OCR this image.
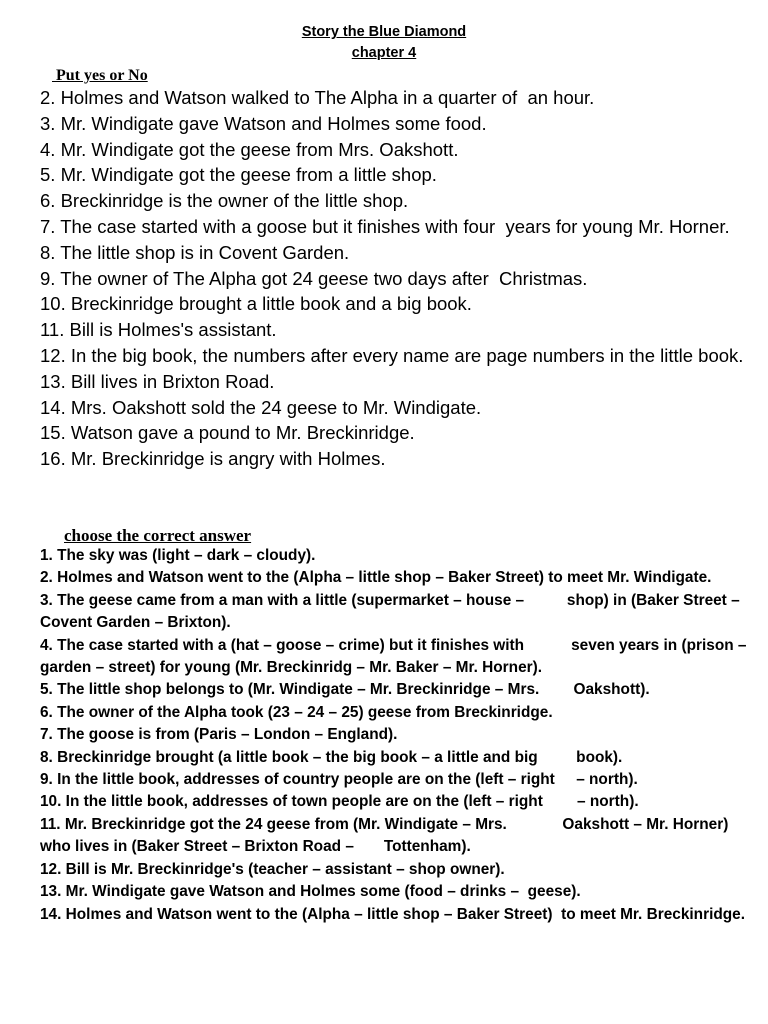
Story the Blue Diamond
chapter 4
Put yes or No
2. Holmes and Watson walked to The Alpha in a quarter of  an hour.
3. Mr. Windigate gave Watson and Holmes some food.
4. Mr. Windigate got the geese from Mrs. Oakshott.
5. Mr. Windigate got the geese from a little shop.
6. Breckinridge is the owner of the little shop.
7. The case started with a goose but it finishes with four  years for young Mr. Horner.
8. The little shop is in Covent Garden.
9. The owner of The Alpha got 24 geese two days after  Christmas.
10. Breckinridge brought a little book and a big book.
11. Bill is Holmes's assistant.
12. In the big book, the numbers after every name are page numbers in the little book.
13. Bill lives in Brixton Road.
14. Mrs. Oakshott sold the 24 geese to Mr. Windigate.
15. Watson gave a pound to Mr. Breckinridge.
16. Mr. Breckinridge is angry with Holmes.
choose the correct answer
1. The sky was (light – dark – cloudy).
2. Holmes and Watson went to the (Alpha – little shop – Baker Street) to meet Mr. Windigate.
3. The geese came from a man with a little (supermarket – house –          shop) in (Baker Street – Covent Garden – Brixton).
4. The case started with a (hat – goose – crime) but it finishes with           seven years in (prison – garden – street) for young (Mr. Breckinridg – Mr. Baker – Mr. Horner).
5. The little shop belongs to (Mr. Windigate – Mr. Breckinridge – Mrs.        Oakshott).
6. The owner of the Alpha took (23 – 24 – 25) geese from Breckinridge.
7. The goose is from (Paris – London – England).
8. Breckinridge brought (a little book – the big book – a little and big         book).
9. In the little book, addresses of country people are on the (left – right     – north).
10. In the little book, addresses of town people are on the (left – right        – north).
11. Mr. Breckinridge got the 24 geese from (Mr. Windigate – Mrs.             Oakshott – Mr. Horner) who lives in (Baker Street – Brixton Road –       Tottenham).
12. Bill is Mr. Breckinridge's (teacher – assistant – shop owner).
13. Mr. Windigate gave Watson and Holmes some (food – drinks –  geese).
14. Holmes and Watson went to the (Alpha – little shop – Baker Street)  to meet Mr. Breckinridge.
